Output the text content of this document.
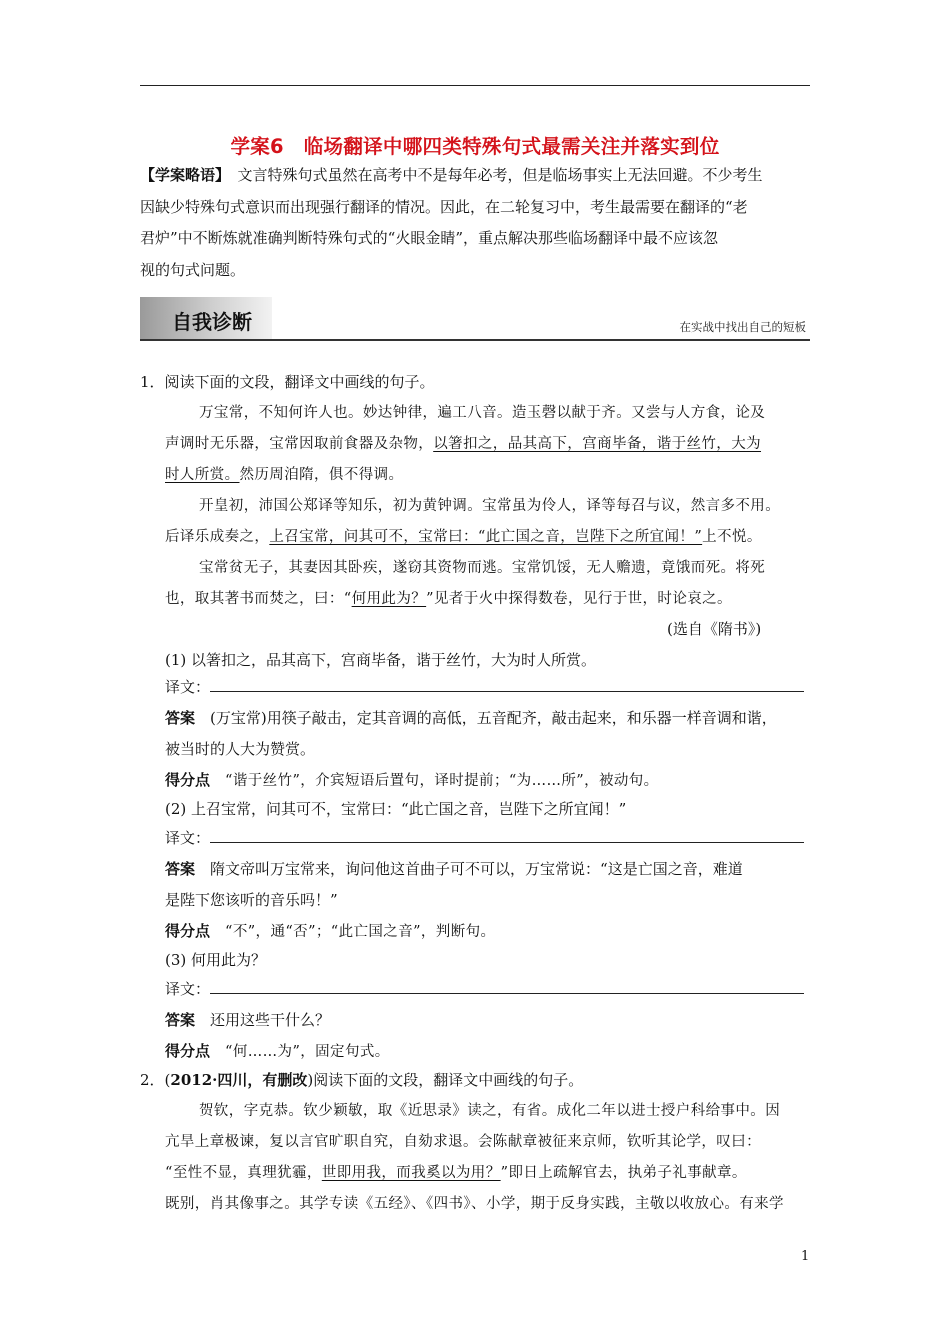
学案6　临场翻译中哪四类特殊句式最需关注并落实到位
【学案略语】　 文言特殊句式虽然在高考中不是每年必考，但是临场事实上无法回避。不少考生
因缺少特殊句式意识而出现强行翻译的情况。因此，在二轮复习中，考生最需要在翻译的“老
君炉”中不断炼就准确判断特殊句式的“火眼金睛”，重点解决那些临场翻译中最不应该忽
视的句式问题。
自我诊断	在实战中找出自己的短板
1．阅读下面的文段，翻译文中画线的句子。
万宝常，不知何许人也。妙达钟律，遍工八音。造玉磬以献于齐。又尝与人方食，论及
声调时无乐器，宝常因取前食器及杂物，以箸扣之，品其高下，宫商毕备，谐于丝竹，大为
时人所赏。然历周洎隋，俱不得调。
开皇初，沛国公郑译等知乐，初为黄钟调。宝常虽为伶人，译等每召与议，然言多不用。
后译乐成奏之，上召宝常，问其可不，宝常曰：“此亡国之音，岂陛下之所宜闻！”上不悦。
宝常贫无子，其妻因其卧疾，遂窃其资物而逃。宝常饥馁，无人赡遗，竟饿而死。将死
也，取其著书而焚之，曰：“何用此为？”见者于火中探得数卷，见行于世，时论哀之。
(选自《隋书》)
(1) 以箸扣之，品其高下，宫商毕备，谐于丝竹，大为时人所赏。
译文：
答案　 (万宝常)用筷子敲击，定其音调的高低，五音配齐，敲击起来，和乐器一样音调和谐，
被当时的人大为赞赏。
得分点　 “谐于丝竹”，介宾短语后置句，译时提前；“为……所”，被动句。
(2) 上召宝常，问其可不，宝常曰：“此亡国之音，岂陛下之所宜闻！”
译文：
答案　 隋文帝叫万宝常来，询问他这首曲子可不可以，万宝常说：“这是亡国之音，难道
是陛下您该听的音乐吗！”
得分点　 “不”，通“否”；“此亡国之音”，判断句。
(3) 何用此为？
译文：
答案　 还用这些干什么？
得分点　 “何……为”，固定句式。
2．(2012·四川，有删改)阅读下面的文段，翻译文中画线的句子。
贺钦，字克恭。钦少颖敏，取《近思录》读之，有省。成化二年以进士授户科给事中。因
亢旱上章极谏，复以言官旷职自究，自劾求退。会陈献章被征来京师，钦听其论学，叹曰：
“至性不显，真理犹霾，世即用我，而我奚以为用？”即日上疏解官去，执弟子礼事献章。
既别，肖其像事之。其学专读《五经》、《四书》、小学，期于反身实践，主敬以收放心。有来学
1
